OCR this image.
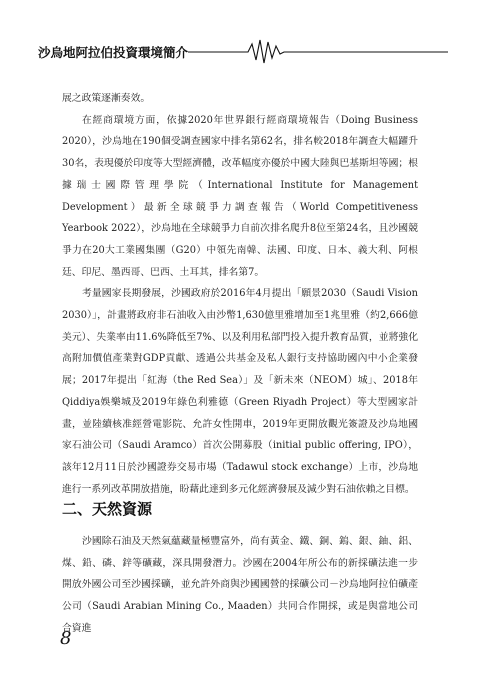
沙烏地阿拉伯投資環境簡介

展之政策逐漸奏效。

在經商環境方面，依據2020年世界銀行經商環境報告（Doing Business 2020），沙烏地在190個受調查國家中排名第62名，排名較2018年調查大幅躍升30名，表現優於印度等大型經濟體，改革幅度亦優於中國大陸與巴基斯坦等國；根據瑞士國際管理學院（International Institute for Management Development）最新全球競爭力調查報告（World Competitiveness Yearbook 2022），沙烏地在全球競爭力自前次排名爬升8位至第24名，且沙國競爭力在20大工業國集團（G20）中領先南韓、法國、印度、日本、義大利、阿根廷、印尼、墨西哥、巴西、土耳其，排名第7。

考量國家長期發展，沙國政府於2016年4月提出「願景2030（Saudi Vision 2030）」，計畫將政府非石油收入由沙幣1,630億里雅增加至1兆里雅（約2,666億美元）、失業率由11.6%降低至7%、以及利用私部門投入提升教育品質，並將強化高附加價值產業對GDP貢獻、透過公共基金及私人銀行支持協助國內中小企業發展；2017年提出「紅海（the Red Sea）」及「新未來（NEOM）城」、2018年Qiddiya娛樂城及2019年綠色利雅德（Green Riyadh Project）等大型國家計畫，並陸續核准經營電影院、允許女性開車，2019年更開放觀光簽證及沙烏地國家石油公司（Saudi Aramco）首次公開募股（initial public offering, IPO），該年12月11日於沙國證券交易市場（Tadawul stock exchange）上市，沙烏地進行一系列改革開放措施，盼藉此達到多元化經濟發展及減少對石油依賴之目標。

二、天然資源

沙國除石油及天然氣蘊藏量極豐富外，尚有黃金、鐵、銅、鎢、銀、鈾、鋁、煤、鉛、磷、鋅等礦藏，深具開發潛力。沙國在2004年所公布的新採礦法進一步開放外國公司至沙國採礦，並允許外商與沙國國營的採礦公司－沙烏地阿拉伯礦產公司（Saudi Arabian Mining Co., Maaden）共同合作開採，或是與當地公司合資進

8
